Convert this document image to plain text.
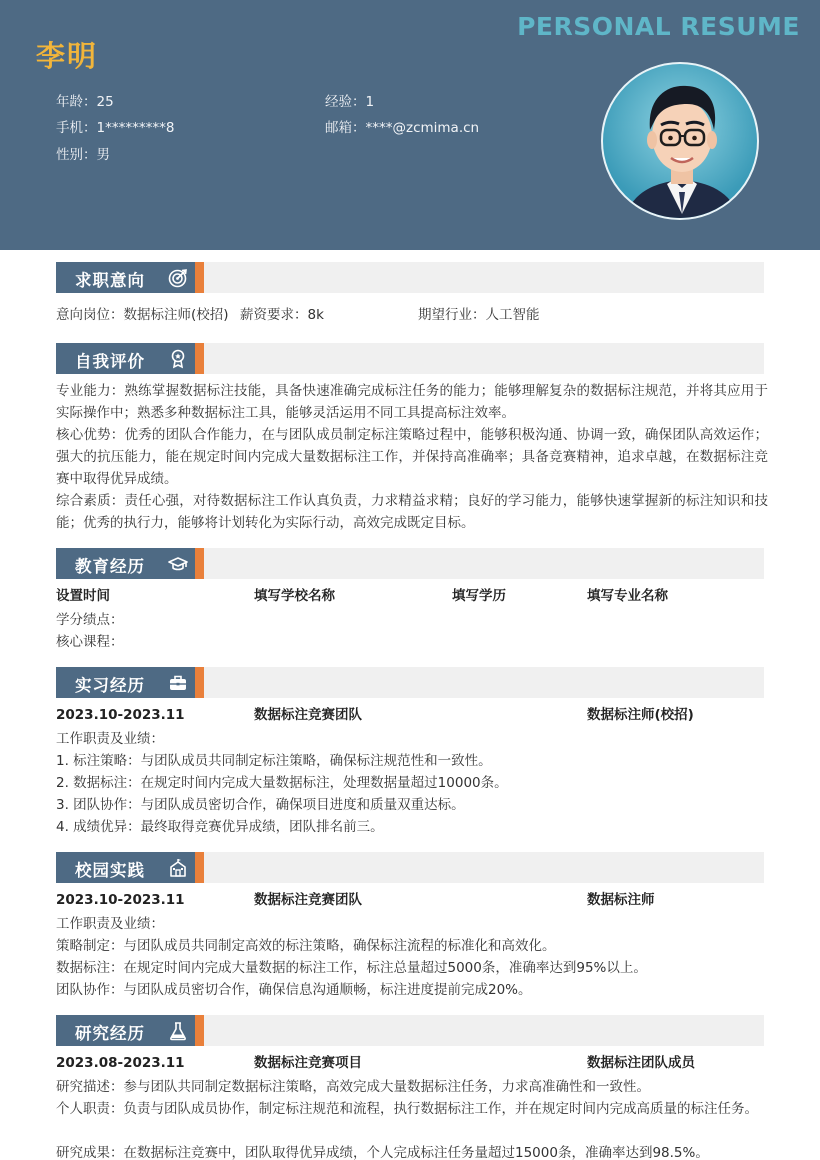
PERSONAL RESUME
李明
年龄：25	经验：1
手机：1*********8	邮箱：****@zcmima.cn
性别：男
求职意向
意向岗位：数据标注师(校招) 薪资要求：8k	期望行业：人工智能
自我评价
专业能力：熟练掌握数据标注技能，具备快速准确完成标注任务的能力；能够理解复杂的数据标注规范，并将其应用于实际操作中；熟悉多种数据标注工具，能够灵活运用不同工具提高标注效率。
核心优势：优秀的团队合作能力，在与团队成员制定标注策略过程中，能够积极沟通、协调一致，确保团队高效运作；强大的抗压能力，能在规定时间内完成大量数据标注工作，并保持高准确率；具备竞赛精神，追求卓越，在数据标注竞赛中取得优异成绩。
综合素质：责任心强，对待数据标注工作认真负责，力求精益求精；良好的学习能力，能够快速掌握新的标注知识和技能；优秀的执行力，能够将计划转化为实际行动，高效完成既定目标。
教育经历
设置时间	填写学校名称	填写学历	填写专业名称
学分绩点：
核心课程：
实习经历
2023.10-2023.11	数据标注竞赛团队	数据标注师(校招)
工作职责及业绩：
1. 标注策略：与团队成员共同制定标注策略，确保标注规范性和一致性。
2. 数据标注：在规定时间内完成大量数据标注，处理数据量超过10000条。
3. 团队协作：与团队成员密切合作，确保项目进度和质量双重达标。
4. 成绩优异：最终取得竞赛优异成绩，团队排名前三。
校园实践
2023.10-2023.11	数据标注竞赛团队	数据标注师
工作职责及业绩：
策略制定：与团队成员共同制定高效的标注策略，确保标注流程的标准化和高效化。
数据标注：在规定时间内完成大量数据的标注工作，标注总量超过5000条，准确率达到95%以上。
团队协作：与团队成员密切合作，确保信息沟通顺畅，标注进度提前完成20%。
研究经历
2023.08-2023.11	数据标注竞赛项目	数据标注团队成员
研究描述：参与团队共同制定数据标注策略，高效完成大量数据标注任务，力求高准确性和一致性。
个人职责：负责与团队成员协作，制定标注规范和流程，执行数据标注工作，并在规定时间内完成高质量的标注任务。
研究成果：在数据标注竞赛中，团队取得优异成绩，个人完成标注任务量超过15000条，准确率达到98.5%。
